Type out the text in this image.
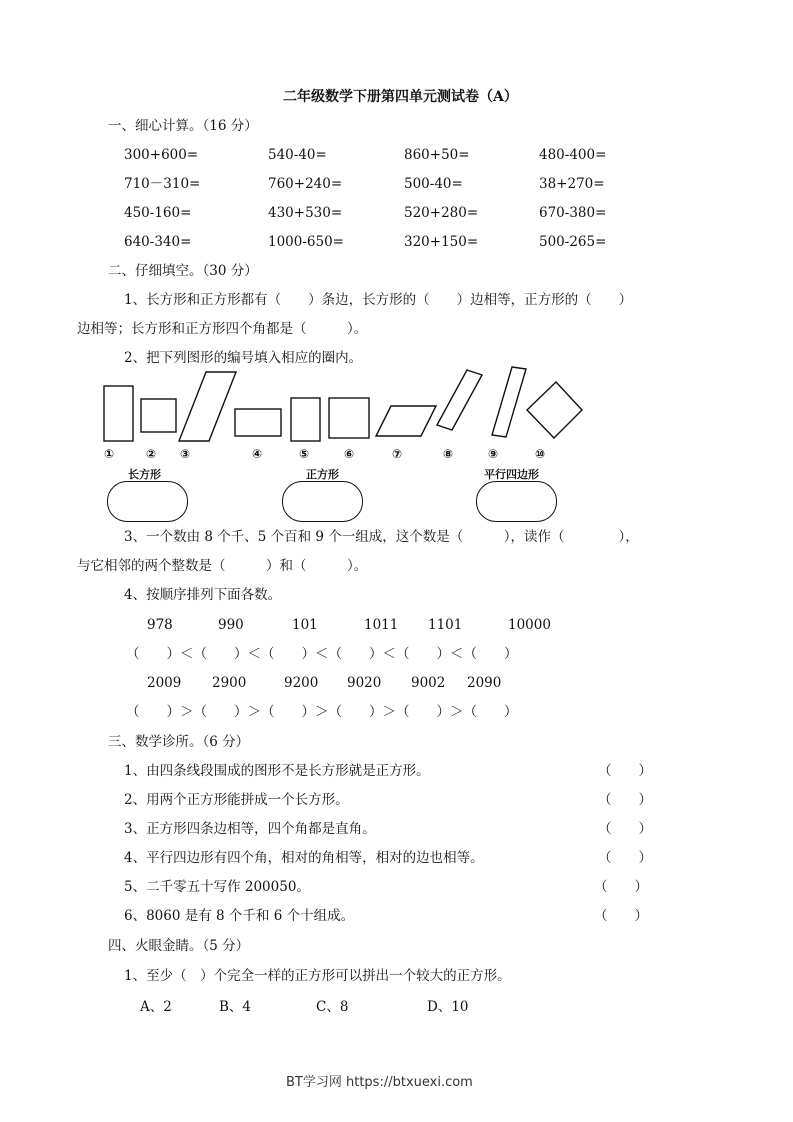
二年级数学下册第四单元测试卷（A）
一、细心计算。（16 分）
300+600=	540-40=	860+50=	480-400=
710－310=	760+240=	500-40=	38+270=
450-160=	430+530=	520+280=	670-380=
640-340=	1000-650=	320+150=	500-265=
二、仔细填空。（30 分）
1、长方形和正方形都有（　　）条边，长方形的（　　）边相等，正方形的（　　）
边相等；长方形和正方形四个角都是（　　　）。
2、把下列图形的编号填入相应的圈内。
①	② ③	④	⑤	⑥	⑦	⑧	⑨	⑩
长方形	正方形	平行四边形
3、一个数由 8 个千、5 个百和 9 个一组成，这个数是（　　　），读作（　　　　），
与它相邻的两个整数是（　　　）和（　　　）。
4、按顺序排列下面各数。
978	990	101	1011 1101	10000
（　　）＜（　　）＜（　　）＜（　　）＜（　　）＜（　　）
2009 2900	9200 9020 9002 2090
（　　）＞（　　）＞（　　）＞（　　）＞（　　）＞（　　）
三、数学诊所。（6 分）
1、由四条线段围成的图形不是长方形就是正方形。	（　　）
2、用两个正方形能拼成一个长方形。	（　　）
3、正方形四条边相等，四个角都是直角。	（　　）
4、平行四边形有四个角，相对的角相等，相对的边也相等。	（　　）
5、二千零五十写作 200050。	（　　）
6、8060 是有 8 个千和 6 个十组成。	（　　）
四、火眼金睛。（5 分）
1、至少（　）个完全一样的正方形可以拼出一个较大的正方形。
A、2	B、4	C、8	D、10
BT学习网 https://btxuexi.com
